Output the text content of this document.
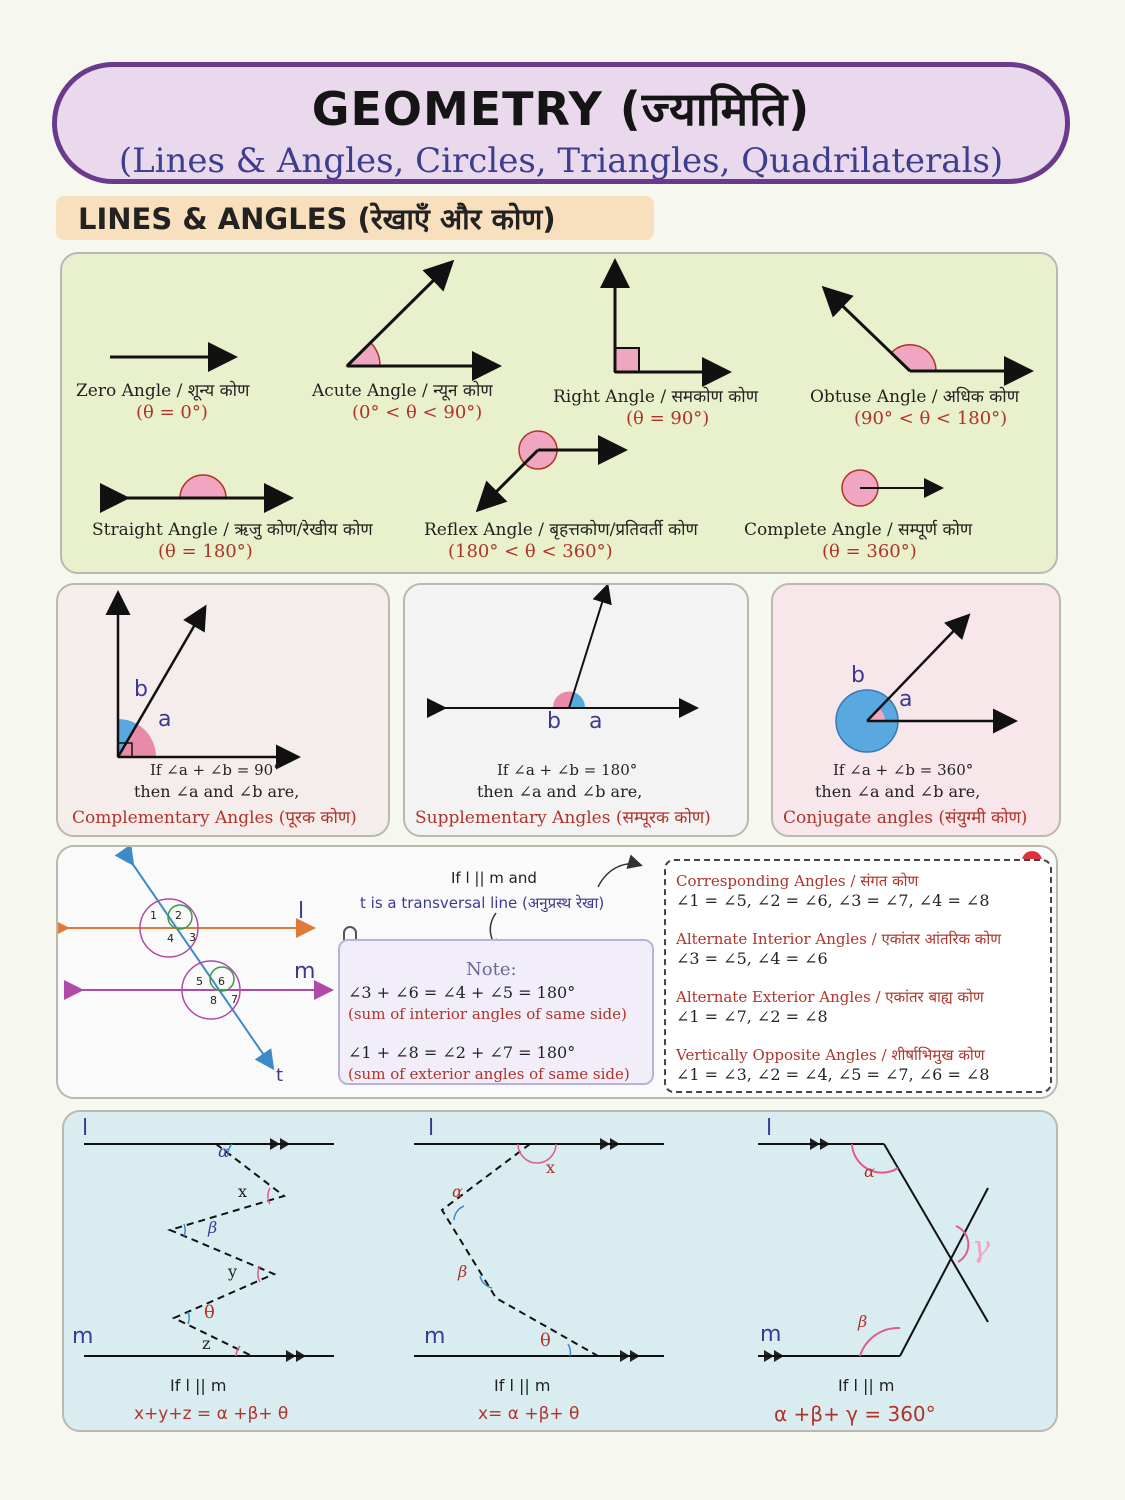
GEOMETRY (ज्यामिति)
(Lines & Angles, Circles, Triangles, Quadrilaterals)
LINES & ANGLES (रेखाएँ और कोण)
Zero Angle / शून्य कोण
(θ = 0°)
Acute Angle / न्यून कोण
(0° < θ < 90°)
Right Angle / समकोण कोण
(θ = 90°)
Obtuse Angle / अधिक कोण
(90° < θ < 180°)
Straight Angle / ऋजु कोण/रेखीय कोण
(θ = 180°)
Reflex Angle / बृहत्तकोण/प्रतिवर्ती कोण
(180° < θ < 360°)
Complete Angle / सम्पूर्ण कोण
(θ = 360°)
b
a
If ∠a + ∠b = 90°
then ∠a and ∠b are,
Complementary Angles (पूरक कोण)
b a
If ∠a + ∠b = 180°
then ∠a and ∠b are,
Supplementary Angles (सम्पूरक कोण)
b
a
If ∠a + ∠b = 360°
then ∠a and ∠b are,
Conjugate angles (संयुग्मी कोण)
l
m
t
1 2
3
4
5 6
7
8
If l || m and
t is a transversal line (अनुप्रस्थ रेखा)
Note:
∠3 + ∠6 = ∠4 + ∠5 = 180°
(sum of interior angles of same side)
∠1 + ∠8 = ∠2 + ∠7 = 180°
(sum of exterior angles of same side)
Corresponding Angles / संगत कोण
∠1 = ∠5, ∠2 = ∠6, ∠3 = ∠7, ∠4 = ∠8
Alternate Interior Angles / एकांतर आंतरिक कोण
∠3 = ∠5, ∠4 = ∠6
Alternate Exterior Angles / एकांतर बाह्य कोण
∠1 = ∠7, ∠2 = ∠8
Vertically Opposite Angles / शीर्षाभिमुख कोण
∠1 = ∠3, ∠2 = ∠4, ∠5 = ∠7, ∠6 = ∠8
l
m
α
x
β
y
θ
z
If l || m
x+y+z = α +β+ θ
l
m
x
α
β
θ
If l || m
x= α +β+ θ
l
m
α
β
γ
If l || m
α +β+ γ = 360°
